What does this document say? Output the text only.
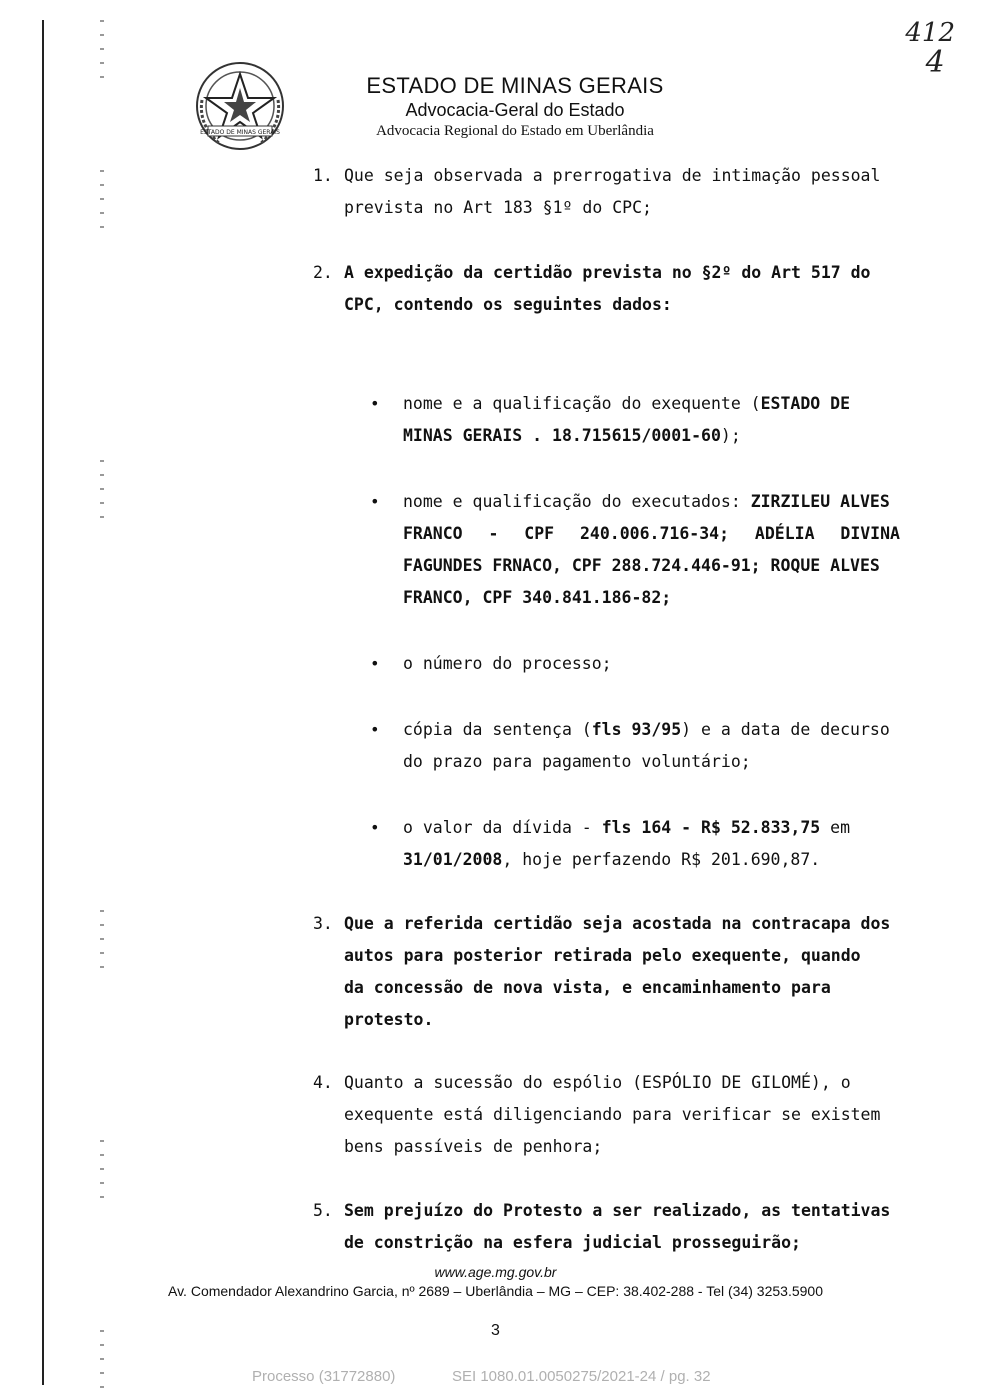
ESTADO DE MINAS GERAIS
ESTADO DE MINAS GERAIS
Advocacia-Geral do Estado
Advocacia Regional do Estado em Uberlândia
412
4
1. Que seja observada a prerrogativa de intimação pessoal
prevista no Art 183 §1º do CPC;
2. A expedição da certidão prevista no §2º do Art 517 do
CPC, contendo os seguintes dados:
• nome e a qualificação do exequente (ESTADO DE
MINAS GERAIS . 18.715615/0001-60);
• nome e qualificação do executados: ZIRZILEU ALVES
FRANCO - CPF 240.006.716-34; ADÉLIA DIVINA
FAGUNDES FRNACO, CPF 288.724.446-91; ROQUE ALVES
FRANCO, CPF 340.841.186-82;
• o número do processo;
• cópia da sentença (fls 93/95) e a data de decurso
do prazo para pagamento voluntário;
• o valor da dívida - fls 164 - R$ 52.833,75 em
31/01/2008, hoje perfazendo R$ 201.690,87.
3. Que a referida certidão seja acostada na contracapa dos
autos para posterior retirada pelo exequente, quando
da concessão de nova vista, e encaminhamento para
protesto.
4. Quanto a sucessão do espólio (ESPÓLIO DE GILOMÉ), o
exequente está diligenciando para verificar se existem
bens passíveis de penhora;
5. Sem prejuízo do Protesto a ser realizado, as tentativas
de constrição na esfera judicial prosseguirão;
www.age.mg.gov.br
Av. Comendador Alexandrino Garcia, nº 2689 – Uberlândia – MG – CEP: 38.402-288 - Tel (34) 3253.5900
3
Processo (31772880)	SEI 1080.01.0050275/2021-24 / pg. 32
